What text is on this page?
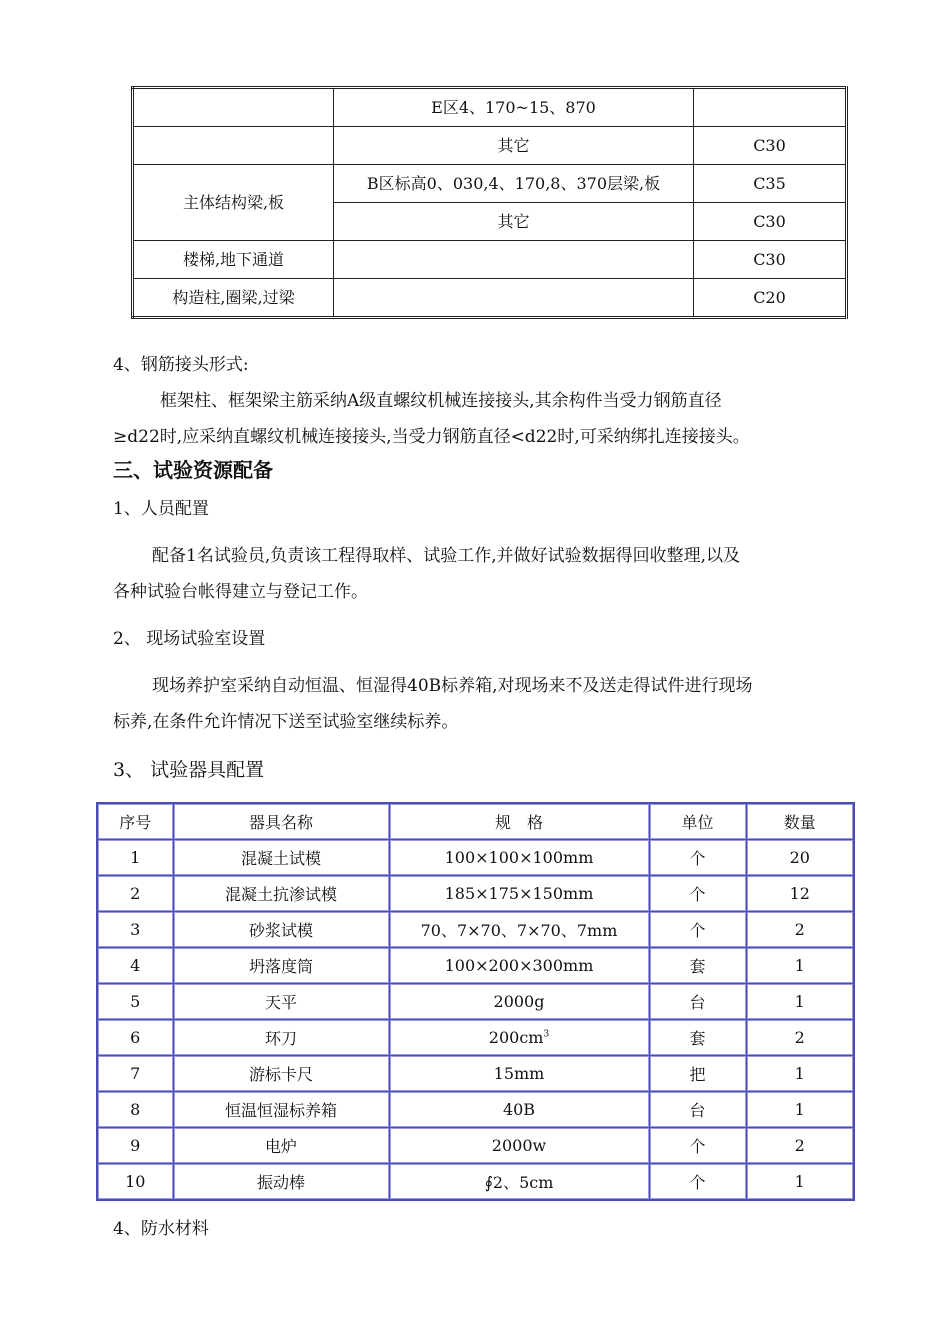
	E区4、170~15、870	
	其它	C30
主体结构梁,板	B区标高0、030,4、170,8、370层梁,板	C35
	其它	C30
楼梯,地下通道		C30
构造柱,圈梁,过梁		C20
4、钢筋接头形式:
框架柱、框架梁主筋采纳A级直螺纹机械连接接头,其余构件当受力钢筋直径
≥d22时,应采纳直螺纹机械连接接头,当受力钢筋直径<d22时,可采纳绑扎连接接头。
三、试验资源配备
1、人员配置
配备1名试验员,负责该工程得取样、试验工作,并做好试验数据得回收整理,以及
各种试验台帐得建立与登记工作。
2、 现场试验室设置
现场养护室采纳自动恒温、恒湿得40B标养箱,对现场来不及送走得试件进行现场
标养,在条件允许情况下送至试验室继续标养。
3、 试验器具配置
序号	器具名称	规　格	单位	数量
1	混凝土试模	100×100×100mm	个	20
2	混凝土抗渗试模	185×175×150mm	个	12
3	砂浆试模	70、7×70、7×70、7mm	个	2
4	坍落度筒	100×200×300mm	套	1
5	天平	2000g	台	1
6	环刀	$200cm^3$	套	2
7	游标卡尺	15mm	把	1
8	恒温恒湿标养箱	40B	台	1
9	电炉	2000w	个	2
10	振动棒	∮2、5cm	个	1
4、防水材料
